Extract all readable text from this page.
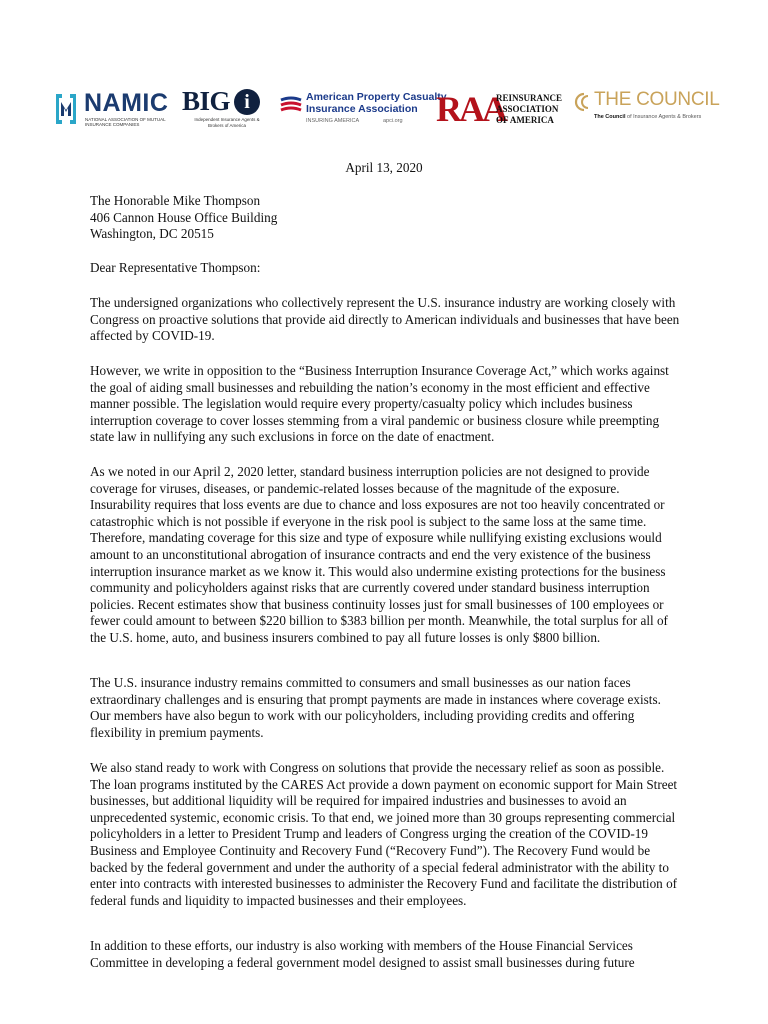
NAMIC
NATIONAL ASSOCIATION OF MUTUAL INSURANCE COMPANIES
BIG i
Independent Insurance Agents & Brokers of America
American Property Casualty
Insurance Association
INSURING AMERICA	apci.org RAA
REINSURANCE
ASSOCIATION
OF AMERICA
THE COUNCIL
The Council of Insurance Agents & Brokers
April 13, 2020

The Honorable Mike Thompson

406 Cannon House Office Building

Washington, DC 20515

Dear Representative Thompson:
The undersigned organizations who collectively represent the U.S. insurance industry are working closely with Congress on proactive solutions that provide aid directly to American individuals and businesses that have been affected by COVID-19.
However, we write in opposition to the “Business Interruption Insurance Coverage Act,” which works against the goal of aiding small businesses and rebuilding the nation’s economy in the most efficient and effective manner possible. The legislation would require every property/casualty policy which includes business interruption coverage to cover losses stemming from a viral pandemic or business closure while preempting state law in nullifying any such exclusions in force on the date of enactment.
As we noted in our April 2, 2020 letter, standard business interruption policies are not designed to provide coverage for viruses, diseases, or pandemic-related losses because of the magnitude of the exposure. Insurability requires that loss events are due to chance and loss exposures are not too heavily concentrated or catastrophic which is not possible if everyone in the risk pool is subject to the same loss at the same time. Therefore, mandating coverage for this size and type of exposure while nullifying existing exclusions would amount to an unconstitutional abrogation of insurance contracts and end the very existence of the business interruption insurance market as we know it. This would also undermine existing protections for the business community and policyholders against risks that are currently covered under standard business interruption policies. Recent estimates show that business continuity losses just for small businesses of 100 employees or fewer could amount to between $220 billion to $383 billion per month. Meanwhile, the total surplus for all of the U.S. home, auto, and business insurers combined to pay all future losses is only $800 billion.
The U.S. insurance industry remains committed to consumers and small businesses as our nation faces extraordinary challenges and is ensuring that prompt payments are made in instances where coverage exists. Our members have also begun to work with our policyholders, including providing credits and offering flexibility in premium payments.
We also stand ready to work with Congress on solutions that provide the necessary relief as soon as possible. The loan programs instituted by the CARES Act provide a down payment on economic support for Main Street businesses, but additional liquidity will be required for impaired industries and businesses to avoid an unprecedented systemic, economic crisis. To that end, we joined more than 30 groups representing commercial policyholders in a letter to President Trump and leaders of Congress urging the creation of the COVID-19 Business and Employee Continuity and Recovery Fund (“Recovery Fund”). The Recovery Fund would be backed by the federal government and under the authority of a special federal administrator with the ability to enter into contracts with interested businesses to administer the Recovery Fund and facilitate the distribution of federal funds and liquidity to impacted businesses and their employees.
In addition to these efforts, our industry is also working with members of the House Financial Services Committee in developing a federal government model designed to assist small businesses during future
